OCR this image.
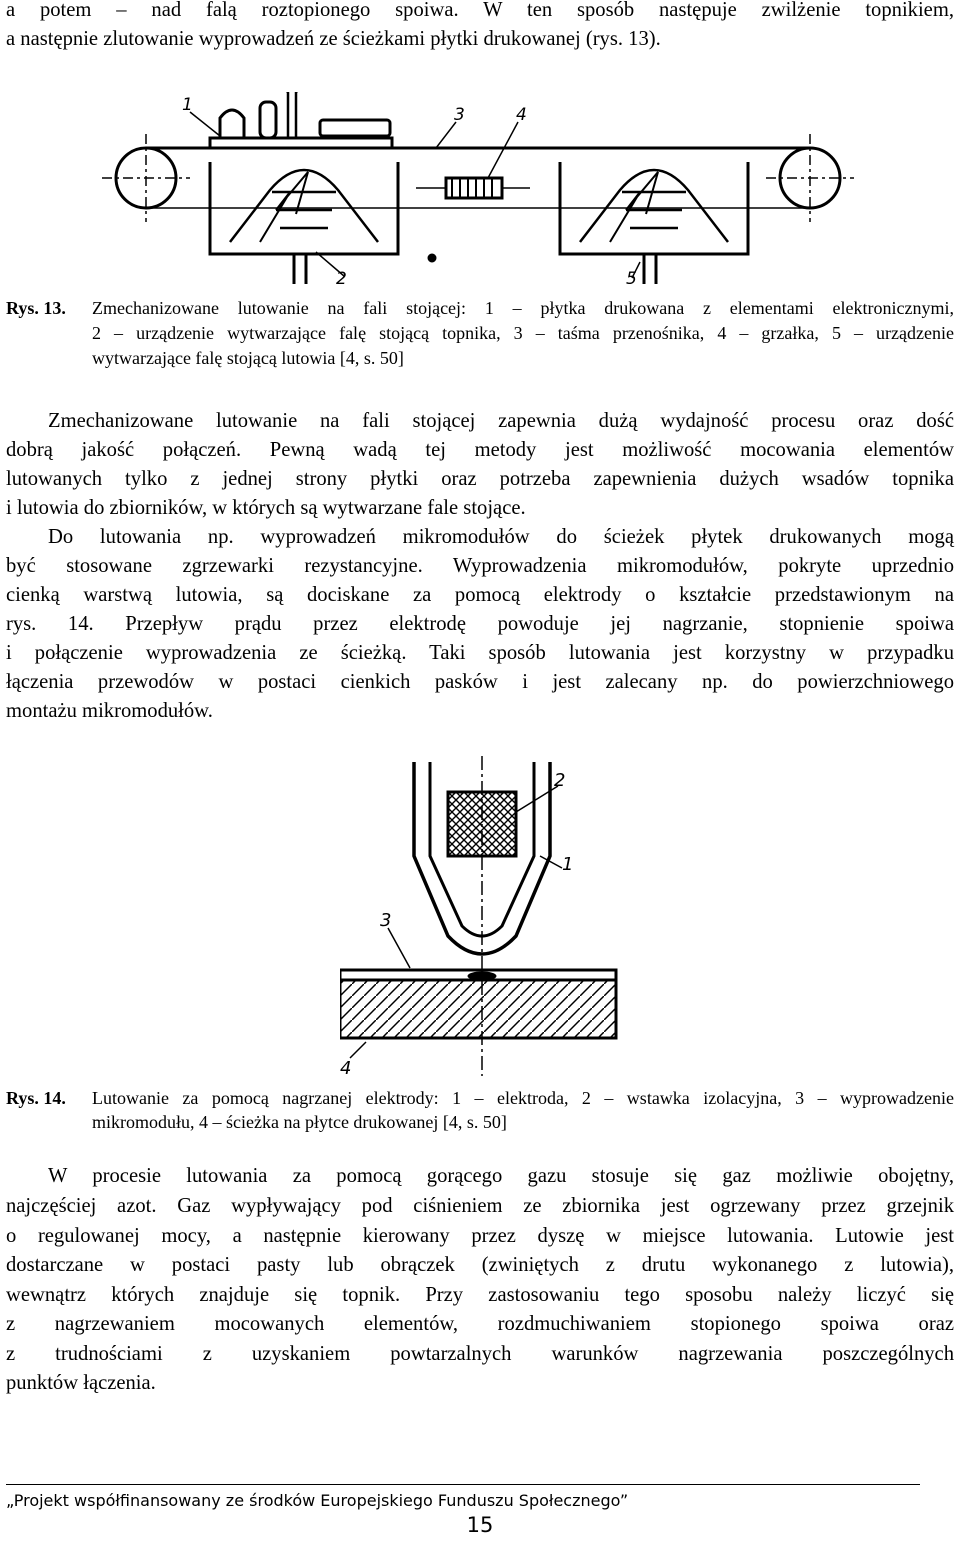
a potem – nad falą roztopionego spoiwa. W ten sposób następuje zwilżenie topnikiem,
a następnie zlutowanie wyprowadzeń ze ścieżkami płytki drukowanej (rys. 13).
1	3	4
2	5
Rys. 13. Zmechanizowane lutowanie na fali stojącej: 1 – płytka drukowana z elementami elektronicznymi,
2 – urządzenie wytwarzające falę stojącą topnika, 3 – taśma przenośnika, 4 – grzałka, 5 – urządzenie
wytwarzające falę stojącą lutowia [4, s. 50]
Zmechanizowane lutowanie na fali stojącej zapewnia dużą wydajność procesu oraz dość
dobrą jakość połączeń. Pewną wadą tej metody jest możliwość mocowania elementów
lutowanych tylko z jednej strony płytki oraz potrzeba zapewnienia dużych wsadów topnika
i lutowia do zbiorników, w których są wytwarzane fale stojące.
Do lutowania np. wyprowadzeń mikromodułów do ścieżek płytek drukowanych mogą
być stosowane zgrzewarki rezystancyjne. Wyprowadzenia mikromodułów, pokryte uprzednio
cienką warstwą lutowia, są dociskane za pomocą elektrody o kształcie przedstawionym na
rys. 14. Przepływ prądu przez elektrodę powoduje jej nagrzanie, stopnienie spoiwa
i połączenie wyprowadzenia ze ścieżką. Taki sposób lutowania jest korzystny w przypadku
łączenia przewodów w postaci cienkich pasków i jest zalecany np. do powierzchniowego
montażu mikromodułów.
2
1
3
4
Rys. 14. Lutowanie za pomocą nagrzanej elektrody: 1 – elektroda, 2 – wstawka izolacyjna, 3 – wyprowadzenie
mikromodułu, 4 – ścieżka na płytce drukowanej [4, s. 50]
W procesie lutowania za pomocą gorącego gazu stosuje się gaz możliwie obojętny,
najczęściej azot. Gaz wypływający pod ciśnieniem ze zbiornika jest ogrzewany przez grzejnik
o regulowanej mocy, a następnie kierowany przez dyszę w miejsce lutowania. Lutowie jest
dostarczane w postaci pasty lub obrączek (zwiniętych z drutu wykonanego z lutowia),
wewnątrz których znajduje się topnik. Przy zastosowaniu tego sposobu należy liczyć się
z nagrzewaniem mocowanych elementów, rozdmuchiwaniem stopionego spoiwa oraz
z trudnościami z uzyskaniem powtarzalnych warunków nagrzewania poszczególnych
punktów łączenia.
„Projekt współfinansowany ze środków Europejskiego Funduszu Społecznego”
15
